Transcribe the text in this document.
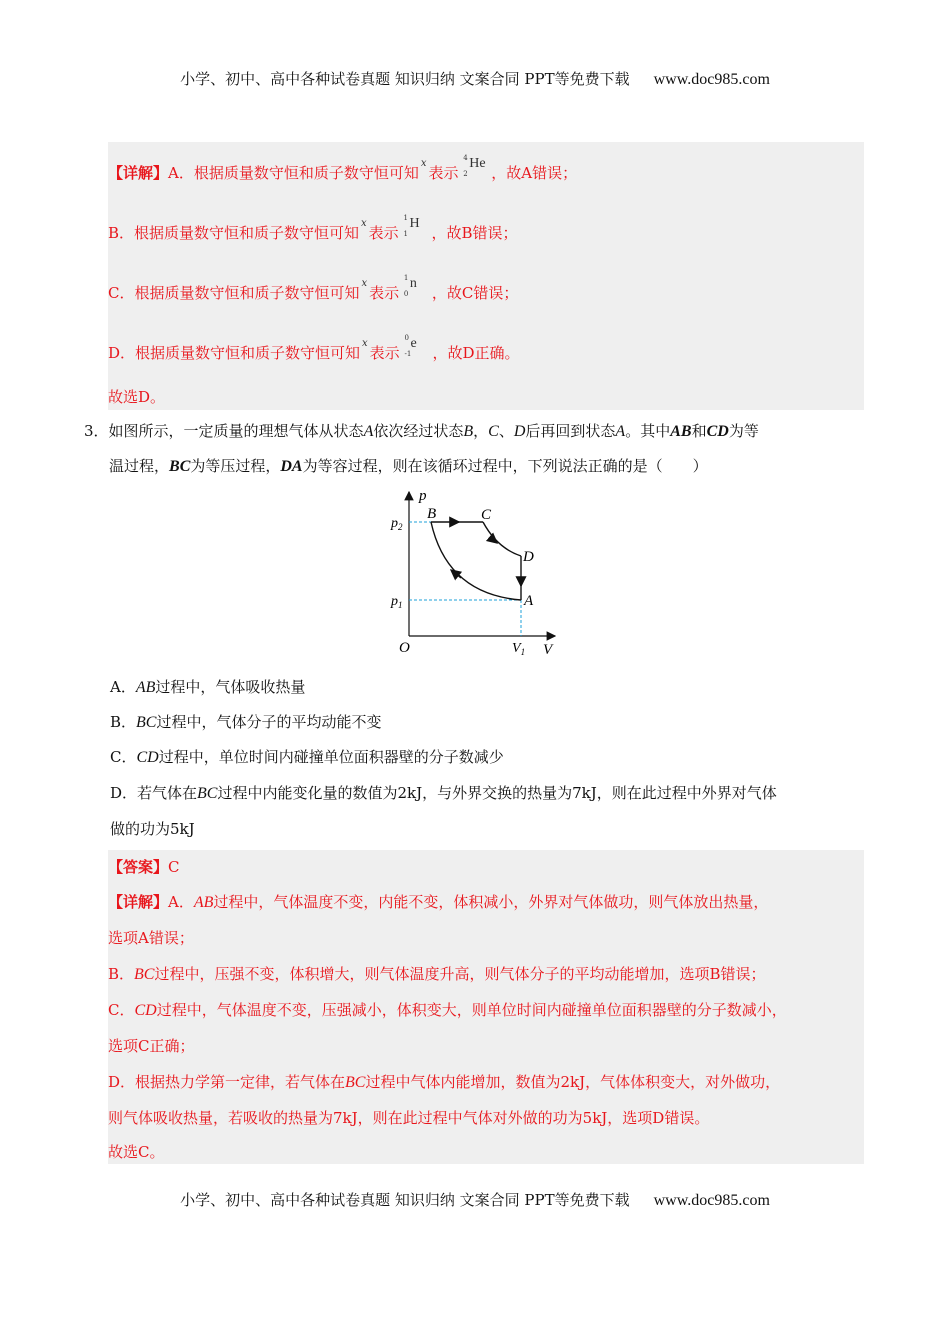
小学、初中、高中各种试卷真题 知识归纳 文案合同 PPT等免费下载 www.doc985.com
【详解】A．根据质量数守恒和质子数守恒可知x表示
4
2
He
，故A错误；
B．根据质量数守恒和质子数守恒可知x表示
1
1
H
，故B错误；
C．根据质量数守恒和质子数守恒可知x表示
1
0
n
，故C错误；
D．根据质量数守恒和质子数守恒可知x表示
0
-1
e
，故D正确。
故选D。
3．如图所示，一定质量的理想气体从状态A依次经过状态B，C、D后再回到状态A。其中AB和CD为等
温过程，BC为等压过程，DA为等容过程，则在该循环过程中，下列说法正确的是（　　）
p
V
O
$p_2$
$p_1$
$V_1$
B	C
D
A
A．AB过程中，气体吸收热量
B．BC过程中，气体分子的平均动能不变
C．CD过程中，单位时间内碰撞单位面积器壁的分子数减少
D．若气体在BC过程中内能变化量的数值为2kJ，与外界交换的热量为7kJ，则在此过程中外界对气体
做的功为5kJ
【答案】C
【详解】A．AB过程中，气体温度不变，内能不变，体积减小，外界对气体做功，则气体放出热量，
选项A错误；
B．BC过程中，压强不变，体积增大，则气体温度升高，则气体分子的平均动能增加，选项B错误；
C．CD过程中，气体温度不变，压强减小，体积变大，则单位时间内碰撞单位面积器壁的分子数减小，
选项C正确；
D．根据热力学第一定律，若气体在BC过程中气体内能增加，数值为2kJ，气体体积变大，对外做功，
则气体吸收热量，若吸收的热量为7kJ，则在此过程中气体对外做的功为5kJ，选项D错误。
故选C。
小学、初中、高中各种试卷真题 知识归纳 文案合同 PPT等免费下载 www.doc985.com
